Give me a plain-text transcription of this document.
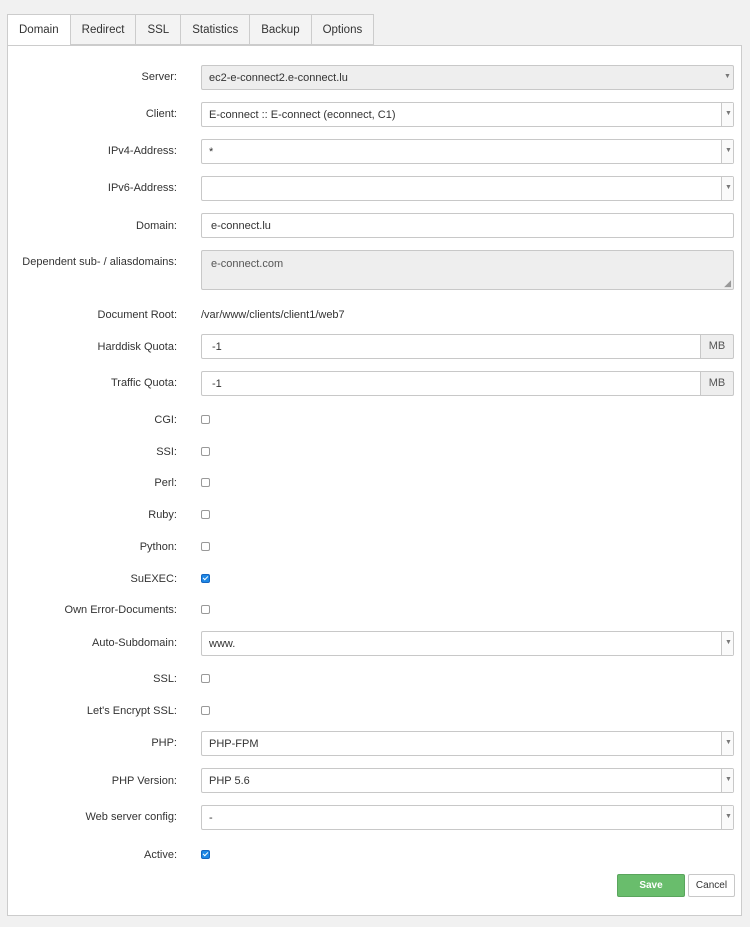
Domain	Redirect	SSL	Statistics	Backup	Options
Server:	ec2-e-connect2.e-connect.lu	▼
Client:	E-connect :: E-connect (econnect, C1)	▼
IPv4-Address:	*	▼
IPv6-Address:	▼
Domain:	e-connect.lu
Dependent sub- / aliasdomains:	e-connect.com
◢
Document Root: /var/www/clients/client1/web7
Harddisk Quota:	-1	MB
Traffic Quota:	-1	MB
CGI:
SSI:
Perl:
Ruby:
Python:
SuEXEC:
Own Error-Documents:
Auto-Subdomain:	www.	▼
SSL:
Let's Encrypt SSL:
PHP:	PHP-FPM	▼
PHP Version:	PHP 5.6	▼
Web server config:	-	▼
Active:
Save	Cancel
